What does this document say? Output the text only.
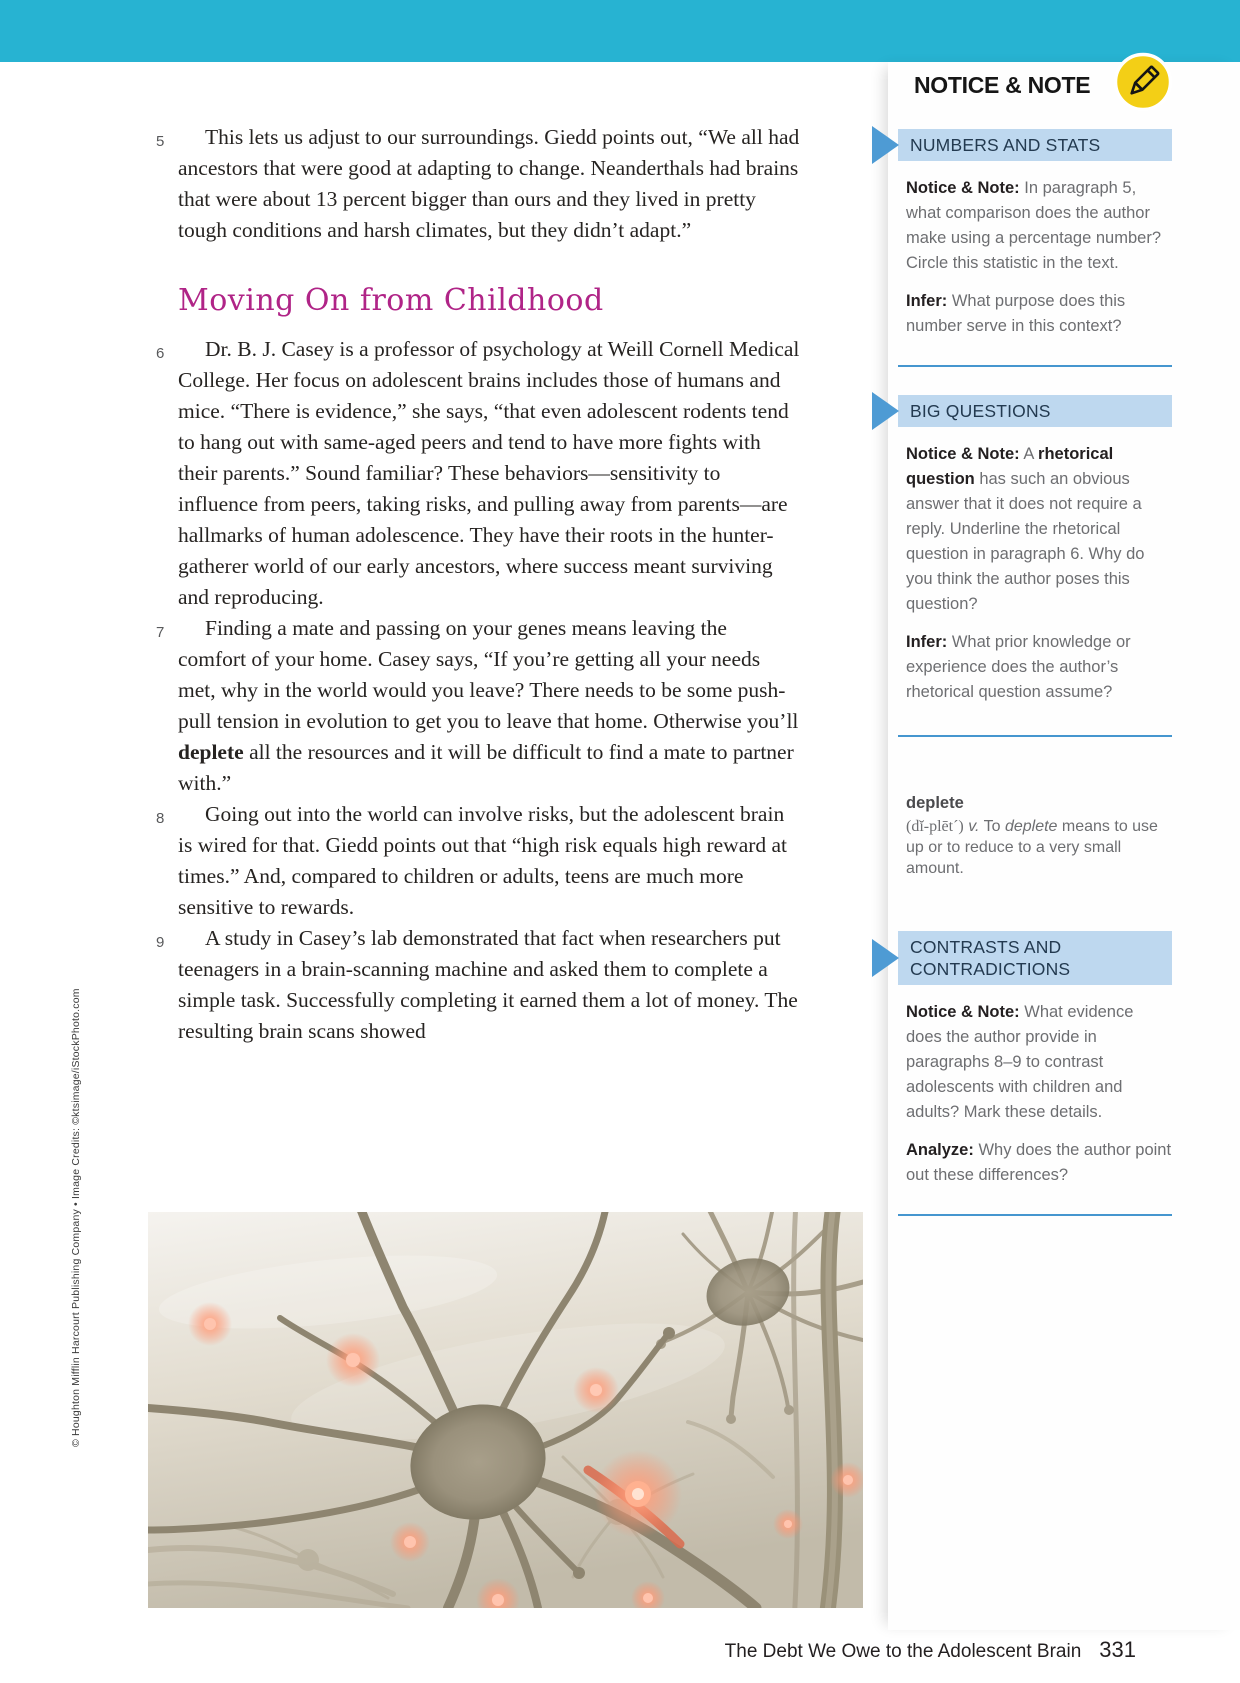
© Houghton Mifflin Harcourt Publishing Company • Image Credits: ©ktsimage/iStockPhoto.com
5	This lets us adjust to our surroundings. Giedd points out, “We all had ancestors that were good at adapting to change. Neanderthals had brains that were about 13 percent bigger than ours and they lived in pretty tough conditions and harsh climates, but they didn’t adapt.”

Moving On from Childhood
6	Dr. B. J. Casey is a professor of psychology at Weill Cornell Medical College. Her focus on adolescent brains includes those of humans and mice. “There is evidence,” she says, “that even adolescent rodents tend to hang out with same-aged peers and tend to have more fights with their parents.” Sound familiar? These behaviors—sensitivity to influence from peers, taking risks, and pulling away from parents—are hallmarks of human adolescence. They have their roots in the hunter-gatherer world of our early ancestors, where success meant surviving and reproducing.

7	Finding a mate and passing on your genes means leaving the comfort of your home. Casey says, “If you’re getting all your needs met, why in the world would you leave? There needs to be some push-pull tension in evolution to get you to leave that home. Otherwise you’ll deplete all the resources and it will be difficult to find a mate to partner with.”

8	Going out into the world can involve risks, but the adolescent brain is wired for that. Giedd points out that “high risk equals high reward at times.” And, compared to children or adults, teens are much more sensitive to rewards.

9	A study in Casey’s lab demonstrated that fact when researchers put teenagers in a brain-scanning machine and asked them to complete a simple task. Successfully completing it earned them a lot of money. The resulting brain scans showed

NOTICE & NOTE
NUMBERS AND STATS

Notice & Note: In paragraph 5, what comparison does the author make using a percentage number? Circle this statistic in the text.

Infer: What purpose does this number serve in this context?

BIG QUESTIONS

Notice & Note: A rhetorical question has such an obvious answer that it does not require a reply. Underline the rhetorical question in paragraph 6. Why do you think the author poses this question?

Infer: What prior knowledge or experience does the author’s rhetorical question assume?

deplete
(dĭ-plēt´) v. To deplete means to use up or to reduce to a very small amount.
CONTRASTS AND CONTRADICTIONS

Notice & Note: What evidence does the author provide in paragraphs 8–9 to contrast adolescents with children and adults? Mark these details.

Analyze: Why does the author point out these differences?

The Debt We Owe to the Adolescent Brain 331
